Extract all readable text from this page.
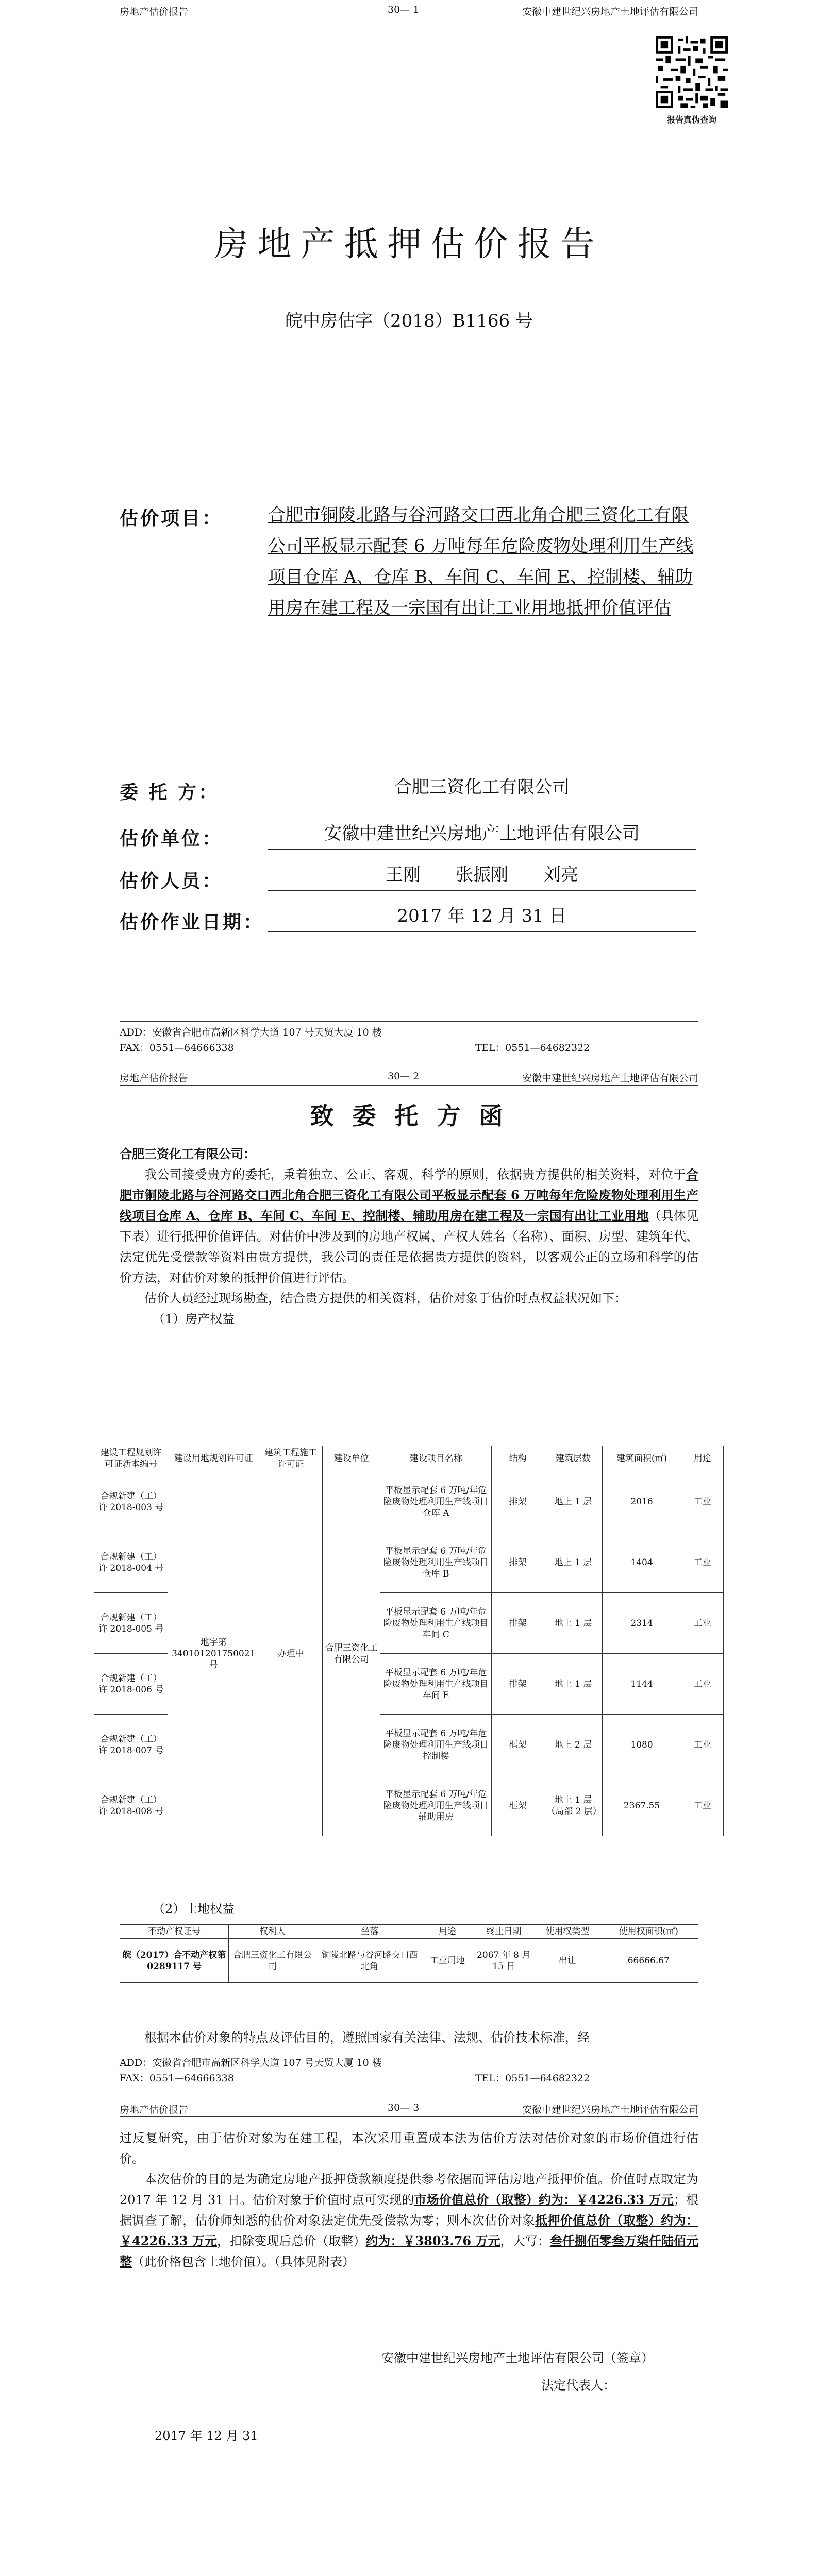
房地产估价报告	30— 1	安徽中建世纪兴房地产土地评估有限公司
报告真伪查询
房地产抵押估价报告
皖中房估字（2018）B1166 号
估价项目：	合肥市铜陵北路与谷河路交口西北角合肥三资化工有限公司平板显示配套 6 万吨每年危险废物处理利用生产线项目仓库 A、仓库 B、车间 C、车间 E、控制楼、辅助用房在建工程及一宗国有出让工业用地抵押价值评估
委 托 方：	合肥三资化工有限公司
估价单位：	安徽中建世纪兴房地产土地评估有限公司
估价人员：	王刚　　张振刚　　刘亮
估价作业日期：	2017 年 12 月 31 日
ADD：安徽省合肥市高新区科学大道 107 号天贸大厦 10 楼
FAX：0551—64666338	TEL：0551—64682322
房地产估价报告	30— 2	安徽中建世纪兴房地产土地评估有限公司
致 委 托 方 函
合肥三资化工有限公司：

我公司接受贵方的委托，秉着独立、公正、客观、科学的原则，依据贵方提供的相关资料，对位于合肥市铜陵北路与谷河路交口西北角合肥三资化工有限公司平板显示配套 6 万吨每年危险废物处理利用生产线项目仓库 A、仓库 B、车间 C、车间 E、控制楼、辅助用房在建工程及一宗国有出让工业用地（具体见下表）进行抵押价值评估。对估价中涉及到的房地产权属、产权人姓名（名称）、面积、房型、建筑年代、法定优先受偿款等资料由贵方提供，我公司的责任是依据贵方提供的资料，以客观公正的立场和科学的估价方法，对估价对象的抵押价值进行评估。

估价人员经过现场勘查，结合贵方提供的相关资料，估价对象于估价时点权益状况如下：

（1）房产权益
建设工程规划许可证新本编号	建设用地规划许可证	建筑工程施工许可证	建设单位	建设项目名称	结构	建筑层数	建筑面积(㎡)	用途
合规新建（工）许 2018-003 号	地字第 340101201750021 号	办理中	合肥三资化工有限公司	平板显示配套 6 万吨/年危险废物处理利用生产线项目仓库 A	排架	地上 1 层	2016	工业
合规新建（工）许 2018-004 号				平板显示配套 6 万吨/年危险废物处理利用生产线项目仓库 B	排架	地上 1 层	1404	工业
合规新建（工）许 2018-005 号				平板显示配套 6 万吨/年危险废物处理利用生产线项目车间 C	排架	地上 1 层	2314	工业
合规新建（工）许 2018-006 号				平板显示配套 6 万吨/年危险废物处理利用生产线项目车间 E	排架	地上 1 层	1144	工业
合规新建（工）许 2018-007 号				平板显示配套 6 万吨/年危险废物处理利用生产线项目控制楼	框架	地上 2 层	1080	工业
合规新建（工）许 2018-008 号				平板显示配套 6 万吨/年危险废物处理利用生产线项目辅助用房	框架	地上 1 层（局部 2 层）	2367.55	工业
（2）土地权益
不动产权证号	权利人	坐落	用途	终止日期	使用权类型	使用权面积(㎡)
皖（2017）合不动产权第 0289117 号	合肥三资化工有限公司	铜陵北路与谷河路交口西北角	工业用地	2067 年 8 月 15 日	出让	66666.67

根据本估价对象的特点及评估目的，遵照国家有关法律、法规、估价技术标准，经

ADD：安徽省合肥市高新区科学大道 107 号天贸大厦 10 楼
FAX：0551—64666338	TEL：0551—64682322
房地产估价报告	30— 3	安徽中建世纪兴房地产土地评估有限公司
过反复研究，由于估价对象为在建工程，本次采用重置成本法为估价方法对估价对象的市场价值进行估价。

本次估价的目的是为确定房地产抵押贷款额度提供参考依据而评估房地产抵押价值。价值时点取定为 2017 年 12 月 31 日。估价对象于价值时点可实现的市场价值总价（取整）约为：￥4226.33 万元；根据调查了解，估价师知悉的估价对象法定优先受偿款为零；则本次估价对象抵押价值总价（取整）约为：￥4226.33 万元，扣除变现后总价（取整）约为：￥3803.76 万元，大写：叁仟捌佰零叁万柒仟陆佰元整（此价格包含土地价值）。（具体见附表）

安徽中建世纪兴房地产土地评估有限公司（签章）
法定代表人：
2017 年 12 月 31
